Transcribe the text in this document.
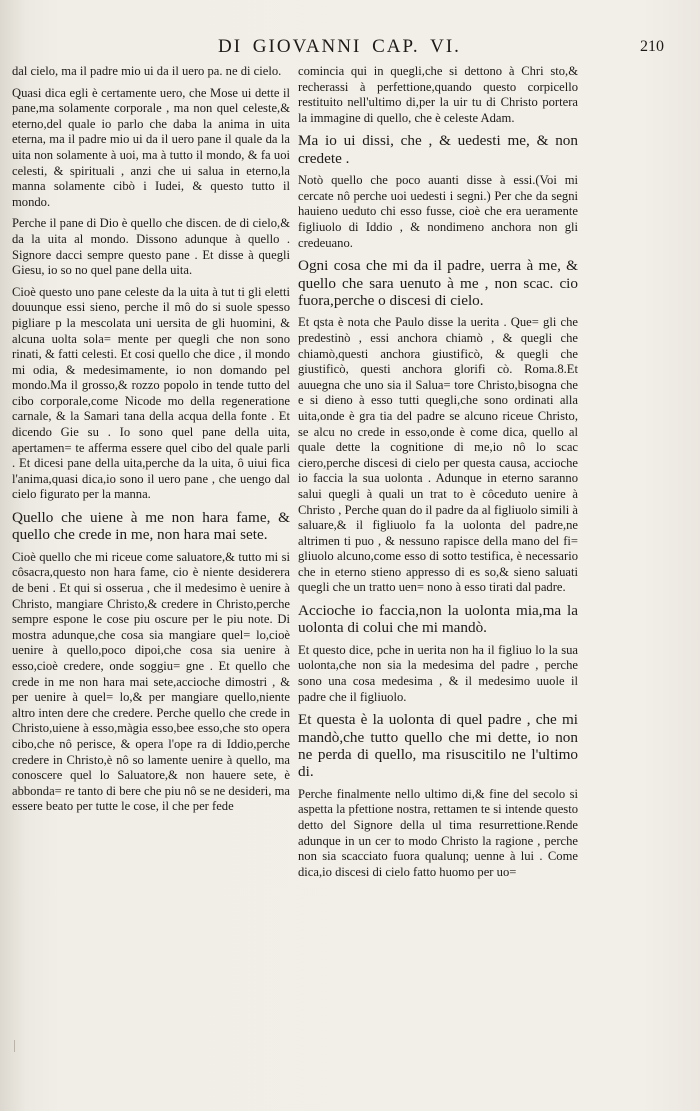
DI GIOVANNI CAP. VI.	210

dal cielo, ma il padre mio ui da il uero pa. ne di cielo.

Quasi dica egli è certamente uero, che Mose ui dette il pane,ma solamente corporale , ma non quel celeste,& eterno,del quale io parlo che daba la anima in uita eterna, ma il padre mio ui da il uero pane il quale da la uita non solamente à uoi, ma à tutto il mondo, & fa uoi celesti, & spirituali , anzi che ui salua in eterno,la manna solamente cibò i Iudei, & questo tutto il mondo.

Perche il pane di Dio è quello che discen. de di cielo,& da la uita al mondo. Dissono adunque à quello . Signore dacci sempre questo pane . Et disse à quegli Giesu, io so no quel pane della uita.

Cioè questo uno pane celeste da la uita à tut ti gli eletti douunque essi sieno, perche il mô do si suole spesso pigliare p la mescolata uni uersita de gli huomini, & alcuna uolta sola= mente per quegli che non sono rinati, & fatti celesti. Et cosi quello che dice , il mondo mi odia, & medesimamente, io non domando pel mondo.Ma il grosso,& rozzo popolo in tende tutto del cibo corporale,come Nicode mo della regeneratione carnale, & la Samari tana della acqua della fonte . Et dicendo Gie su . Io sono quel pane della uita, apertamen= te afferma essere quel cibo del quale parli . Et dicesi pane della uita,perche da la uita, ô uiui fica l'anima,quasi dica,io sono il uero pane , che uengo dal cielo figurato per la manna.

Quello che uiene à me non hara fame, & quello che crede in me, non hara mai sete.

Cioè quello che mi riceue come saluatore,& tutto mi si côsacra,questo non hara fame, cio è niente desiderera de beni . Et qui si osserua , che il medesimo è uenire à Christo, mangiare Christo,& credere in Christo,perche sempre espone le cose piu oscure per le piu note. Di mostra adunque,che cosa sia mangiare quel= lo,cioè uenire à quello,poco dipoi,che cosa sia uenire à esso,cioè credere, onde soggiu= gne . Et quello che crede in me non hara mai sete,accioche dimostri , & per uenire à quel= lo,& per mangiare quello,niente altro inten dere che credere. Perche quello che crede in Christo,uiene à esso,màgia esso,bee esso,che sto opera cibo,che nô perisce, & opera l'ope ra di Iddio,perche credere in Christo,è nô so lamente uenire à quello, ma conoscere quel lo Saluatore,& non hauere sete, è abbonda= re tanto di bere che piu nô se ne desideri, ma essere beato per tutte le cose, il che per fede

comincia qui in quegli,che si dettono à Chri sto,& recherassi à perfettione,quando questo corpicello restituito nell'ultimo di,per la uir tu di Christo portera la immagine di quello, che è celeste Adam.

Ma io ui dissi, che , & uedesti me, & non credete .

Notò quello che poco auanti disse à essi.(Voi mi cercate nô perche uoi uedesti i segni.) Per che da segni hauieno ueduto chi esso fusse, cioè che era ueramente figliuolo di Iddio , & nondimeno anchora non gli credeuano.

Ogni cosa che mi da il padre, uerra à me, & quello che sara uenuto à me , non scac. cio fuora,perche o discesi di cielo.

Et qsta è nota che Paulo disse la uerita . Que= gli che predestinò , essi anchora chiamò , & quegli che chiamò,questi anchora giustificò, & quegli che giustificò, questi anchora glorifi cò. Roma.8.Et auuegna che uno sia il Salua= tore Christo,bisogna che e si dieno à esso tutti quegli,che sono ordinati alla uita,onde è gra tia del padre se alcuno riceue Christo, se alcu no crede in esso,onde è come dica, quello al quale dette la cognitione di me,io nô lo scac ciero,perche discesi di cielo per questa causa, accioche io faccia la sua uolonta . Adunque in eterno saranno salui quegli à quali un trat to è côceduto uenire à Christo , Perche quan do il padre da al figliuolo simili à saluare,& il figliuolo fa la uolonta del padre,ne altrimen ti puo , & nessuno rapisce della mano del fi= gliuolo alcuno,come esso di sotto testifica, è necessario che in eterno stieno appresso di es so,& sieno saluati quegli che un tratto uen= nono à esso tirati dal padre.

Accioche io faccia,non la uolonta mia,ma la uolonta di colui che mi mandò.

Et questo dice, pche in uerita non ha il figliuo lo la sua uolonta,che non sia la medesima del padre , perche sono una cosa medesima , & il medesimo uuole il padre che il figliuolo.

Et questa è la uolonta di quel padre , che mi mandò,che tutto quello che mi dette, io non ne perda di quello, ma risuscitilo ne l'ultimo di.

Perche finalmente nello ultimo di,& fine del secolo si aspetta la pfettione nostra, rettamen te si intende questo detto del Signore della ul tima resurrettione.Rende adunque in un cer to modo Christo la ragione , perche non sia scacciato fuora qualunq; uenne à lui . Come dica,io discesi di cielo fatto huomo per uo=
